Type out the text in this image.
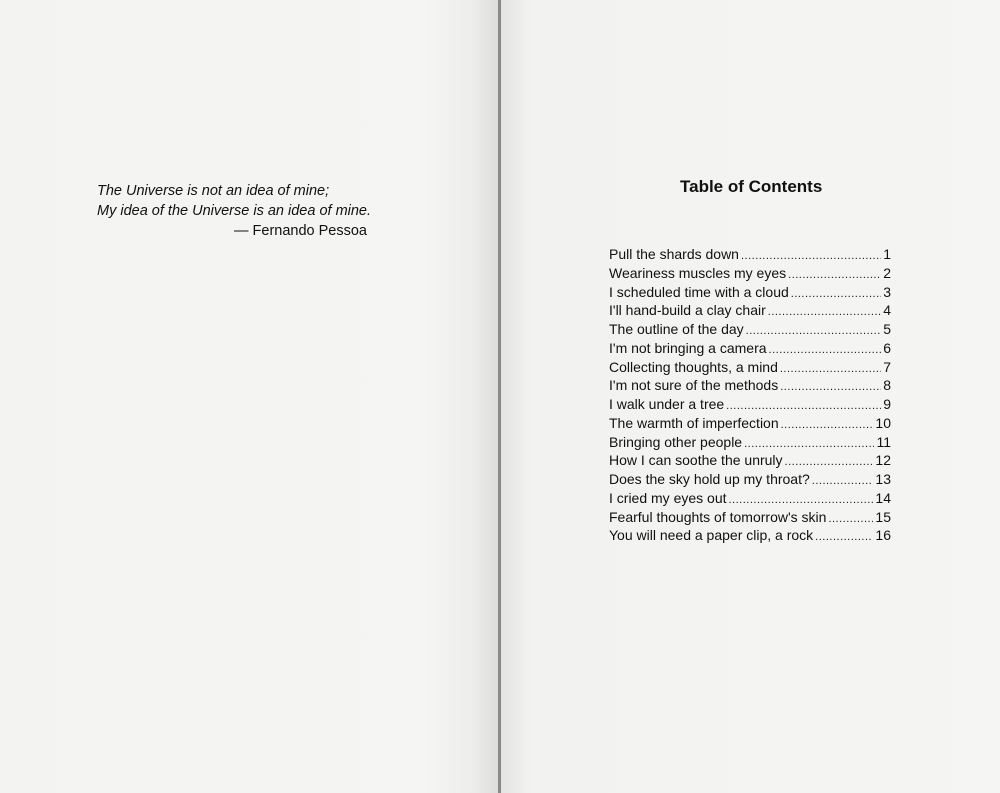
The Universe is not an idea of mine;
My idea of the Universe is an idea of mine.
— Fernando Pessoa
Table of Contents
Pull the shards down .....	1
Weariness muscles my eyes .....	2
I scheduled time with a cloud .....	3
I'll hand-build a clay chair .....	4
The outline of the day .....	5
I'm not bringing a camera .....	6
Collecting thoughts, a mind .....	7
I'm not sure of the methods .....	8
I walk under a tree .....	9
The warmth of imperfection .....	10
Bringing other people .....	11
How I can soothe the unruly .....	12
Does the sky hold up my throat? .....	13
I cried my eyes out .....	14
Fearful thoughts of tomorrow's skin .....	15
You will need a paper clip, a rock .....	16
